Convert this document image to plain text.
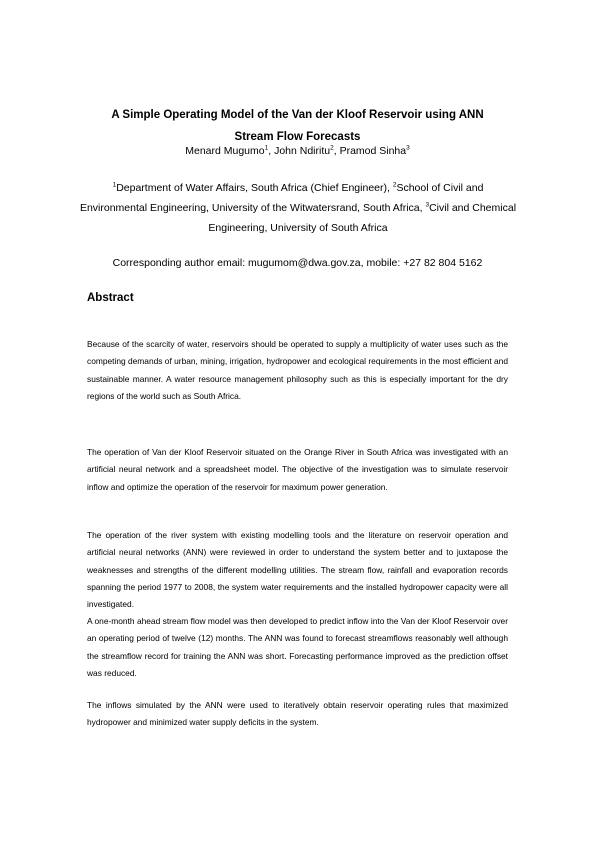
A Simple Operating Model of the Van der Kloof Reservoir using ANN
Stream Flow Forecasts
Menard Mugumo$^1$, John Ndiritu$^2$, Pramod Sinha$^3$
$^1$Department of Water Affairs, South Africa (Chief Engineer), $^2$School of Civil and Environmental Engineering, University of the Witwatersrand, South Africa, $^3$Civil and Chemical Engineering, University of South Africa
Corresponding author email: mugumom@dwa.gov.za, mobile: +27 82 804 5162
Abstract

Because of the scarcity of water, reservoirs should be operated to supply a multiplicity of water uses such as the competing demands of urban, mining, irrigation, hydropower and ecological requirements in the most efficient and sustainable manner. A water resource management philosophy such as this is especially important for the dry regions of the world such as South Africa.

The operation of Van der Kloof Reservoir situated on the Orange River in South Africa was investigated with an artificial neural network and a spreadsheet model. The objective of the investigation was to simulate reservoir inflow and optimize the operation of the reservoir for maximum power generation.

The operation of the river system with existing modelling tools and the literature on reservoir operation and artificial neural networks (ANN) were reviewed in order to understand the system better and to juxtapose the weaknesses and strengths of the different modelling utilities. The stream flow, rainfall and evaporation records spanning the period 1977 to 2008, the system water requirements and the installed hydropower capacity were all investigated.

A one-month ahead stream flow model was then developed to predict inflow into the Van der Kloof Reservoir over an operating period of twelve (12) months. The ANN was found to forecast streamflows reasonably well although the streamflow record for training the ANN was short. Forecasting performance improved as the prediction offset was reduced.

The inflows simulated by the ANN were used to iteratively obtain reservoir operating rules that maximized hydropower and minimized water supply deficits in the system.
